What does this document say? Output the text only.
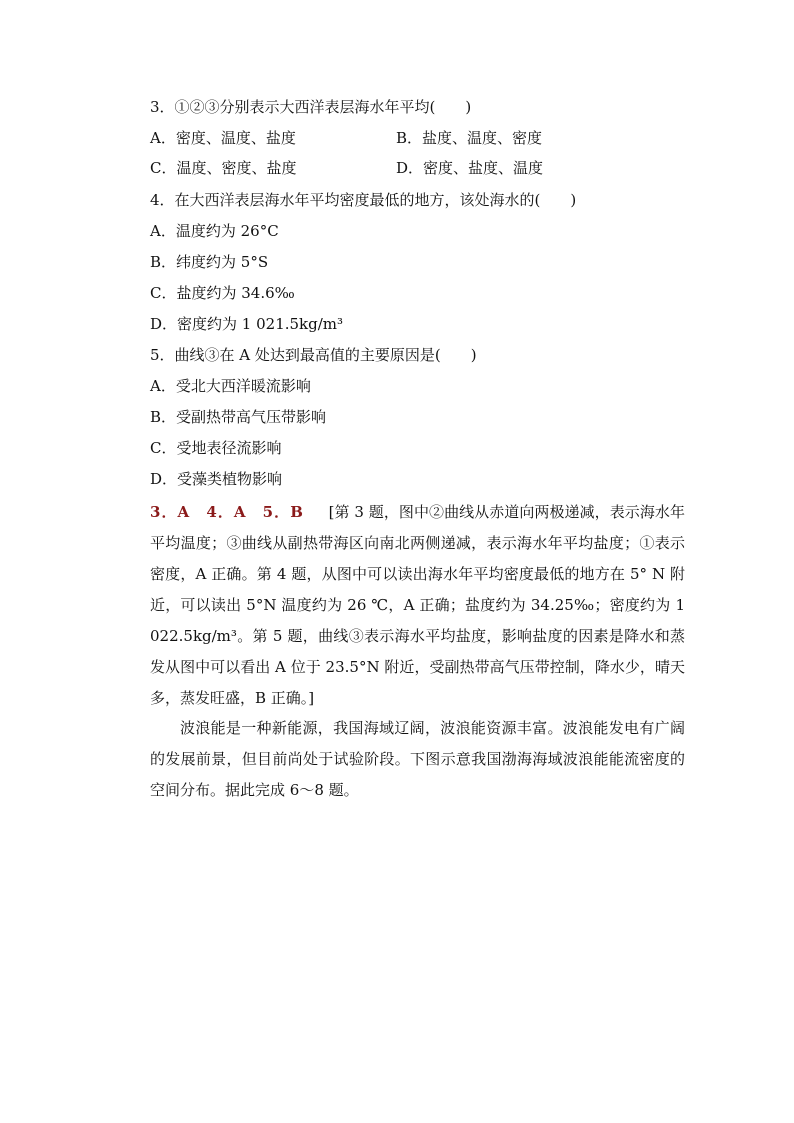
3．①②③分别表示大西洋表层海水年平均(　　)
A．密度、温度、盐度	B．盐度、温度、密度
C．温度、密度、盐度	D．密度、盐度、温度
4．在大西洋表层海水年平均密度最低的地方，该处海水的(　　)
A．温度约为 26°C
B．纬度约为 5°S
C．盐度约为 34.6‰
D．密度约为 1 021.5kg/m³
5．曲线③在 A 处达到最高值的主要原因是(　　)
A．受北大西洋暖流影响
B．受副热带高气压带影响
C．受地表径流影响
D．受藻类植物影响
3．A　4．A　5．B   [第 3 题，图中②曲线从赤道向两极递减，表示海水年平均温度；③曲线从副热带海区向南北两侧递减，表示海水年平均盐度；①表示密度，A 正确。第 4 题，从图中可以读出海水年平均密度最低的地方在 5° N 附近，可以读出 5°N 温度约为 26 ℃，A 正确；盐度约为 34.25‰；密度约为 1 022.5kg/m³。第 5 题，曲线③表示海水平均盐度，影响盐度的因素是降水和蒸发从图中可以看出 A 位于 23.5°N 附近，受副热带高气压带控制，降水少，晴天多，蒸发旺盛，B 正确。]
波浪能是一种新能源，我国海域辽阔，波浪能资源丰富。波浪能发电有广阔的发展前景，但目前尚处于试验阶段。下图示意我国渤海海域波浪能能流密度的空间分布。据此完成 6～8 题。
